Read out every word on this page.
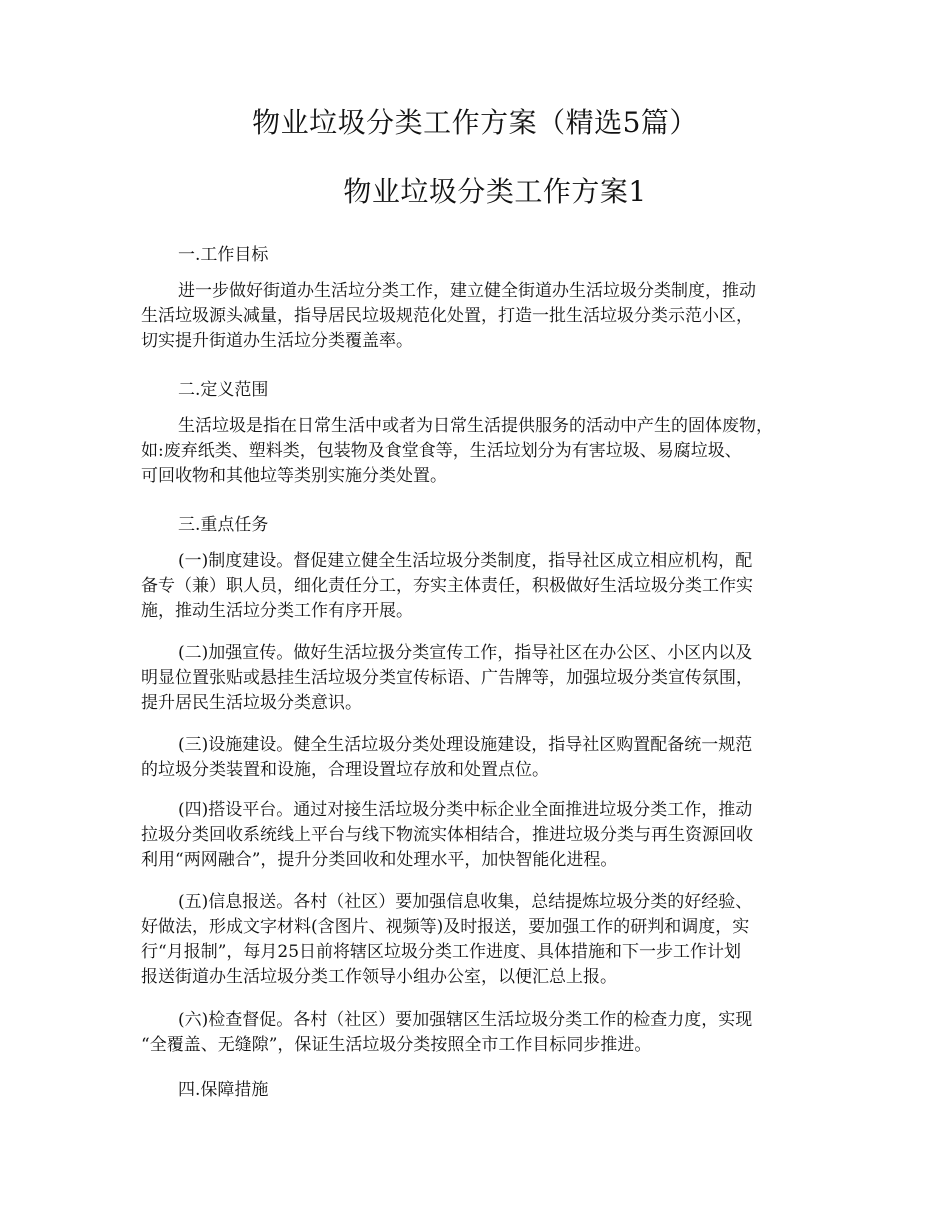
物业垃圾分类工作方案（精选5篇）
物业垃圾分类工作方案1
一.工作目标

进一步做好街道办生活垃分类工作，建立健全街道办生活垃圾分类制度，推动
生活垃圾源头减量，指导居民垃圾规范化处置，打造一批生活垃圾分类示范小区，
切实提升街道办生活垃分类覆盖率。

二.定义范围

生活垃圾是指在日常生活中或者为日常生活提供服务的活动中产生的固体废物，
如:废弃纸类、塑料类，包装物及食堂食等，生活垃划分为有害垃圾、易腐垃圾、
可回收物和其他垃等类别实施分类处置。

三.重点任务

(一)制度建设。督促建立健全生活垃圾分类制度，指导社区成立相应机构，配
备专（兼）职人员，细化责任分工，夯实主体责任，积极做好生活垃圾分类工作实
施，推动生活垃分类工作有序开展。

(二)加强宣传。做好生活垃扱分类宣传工作，指导社区在办公区、小区内以及
明显位置张贴或悬挂生活垃圾分类宣传标语、广告牌等，加强垃圾分类宣传氛围，
提升居民生活垃圾分类意识。

(三)设施建设。健全生活垃圾分类处理设施建设，指导社区购置配备统一规范
的垃圾分类装置和设施，合理设置垃存放和处置点位。

(四)搭设平台。通过对接生活垃圾分类中标企业全面推进垃圾分类工作，推动
拉圾分类回收系统线上平台与线下物流实体相结合，推进垃圾分类与再生资源回收
利用“两网融合”，提升分类回收和处理水平，加快智能化进程。

(五)信息报送。各村（社区）要加强信息收集，总结提炼垃圾分类的好经验、
好做法，形成文字材料(含图片、视频等)及时报送，要加强工作的研判和调度，实
行“月报制”，每月25日前将辖区垃圾分类工作进度、具体措施和下一步工作计划
报送街道办生活垃圾分类工作领导小组办公室，以便汇总上报。

(六)检查督促。各村（社区）要加强辖区生活垃圾分类工作的检查力度，实现
“全覆盖、无缝隙”，保证生活垃圾分类按照全市工作目标同步推进。

四.保障措施
